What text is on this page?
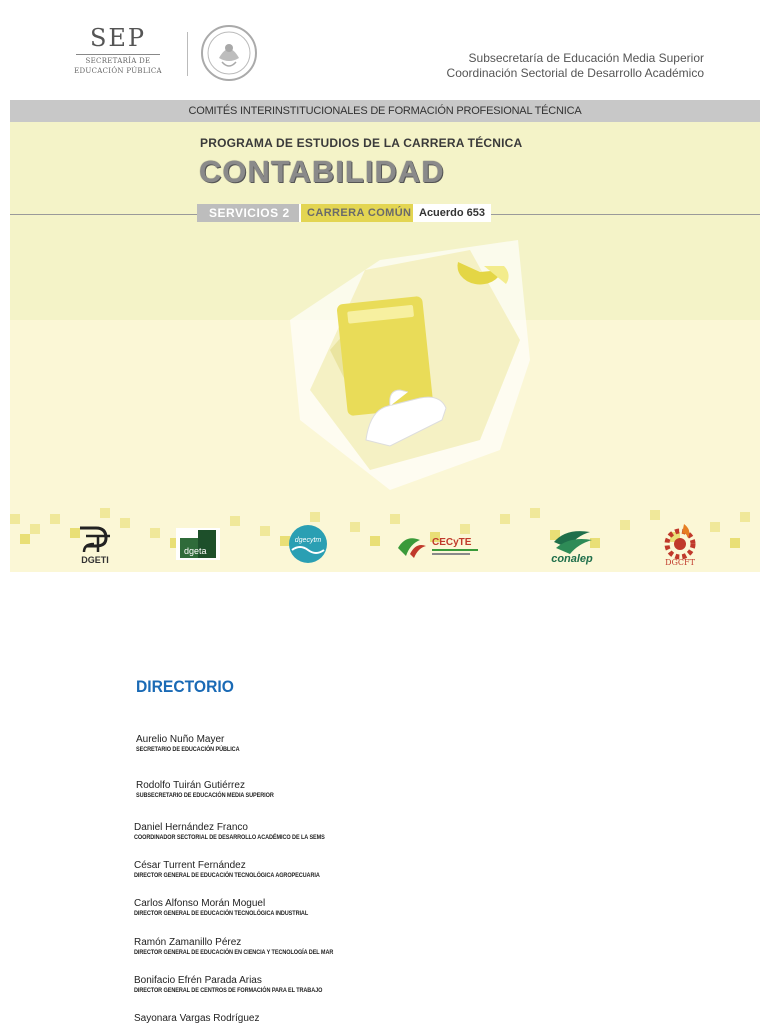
SEP
SECRETARÍA DE
EDUCACIÓN PÚBLICA
Subsecretaría de Educación Media Superior
Coordinación Sectorial de Desarrollo Académico
COMITÉS INTERINSTITUCIONALES DE FORMACIÓN PROFESIONAL TÉCNICA
PROGRAMA DE ESTUDIOS DE LA CARRERA TÉCNICA
CONTABILIDAD
SERVICIOS 2	CARRERA COMÚN Acuerdo 653
DGETI
dgeta
dgecytm	CECyTE
conalep	DGCFT
DIRECTORIO
Aurelio Nuño Mayer
SECRETARIO DE EDUCACIÓN PÚBLICA
Rodolfo Tuirán Gutiérrez
SUBSECRETARIO DE EDUCACIÓN MEDIA SUPERIOR
Daniel Hernández Franco
COORDINADOR SECTORIAL DE DESARROLLO ACADÉMICO DE LA SEMS
César Turrent Fernández
DIRECTOR GENERAL DE EDUCACIÓN TECNOLÓGICA AGROPECUARIA
Carlos Alfonso Morán Moguel
DIRECTOR GENERAL DE EDUCACIÓN TECNOLÓGICA INDUSTRIAL
Ramón Zamanillo Pérez
DIRECTOR GENERAL DE EDUCACIÓN EN CIENCIA Y TECNOLOGÍA DEL MAR
Bonifacio Efrén Parada Arias
DIRECTOR GENERAL DE CENTROS DE FORMACIÓN PARA EL TRABAJO
Sayonara Vargas Rodríguez
